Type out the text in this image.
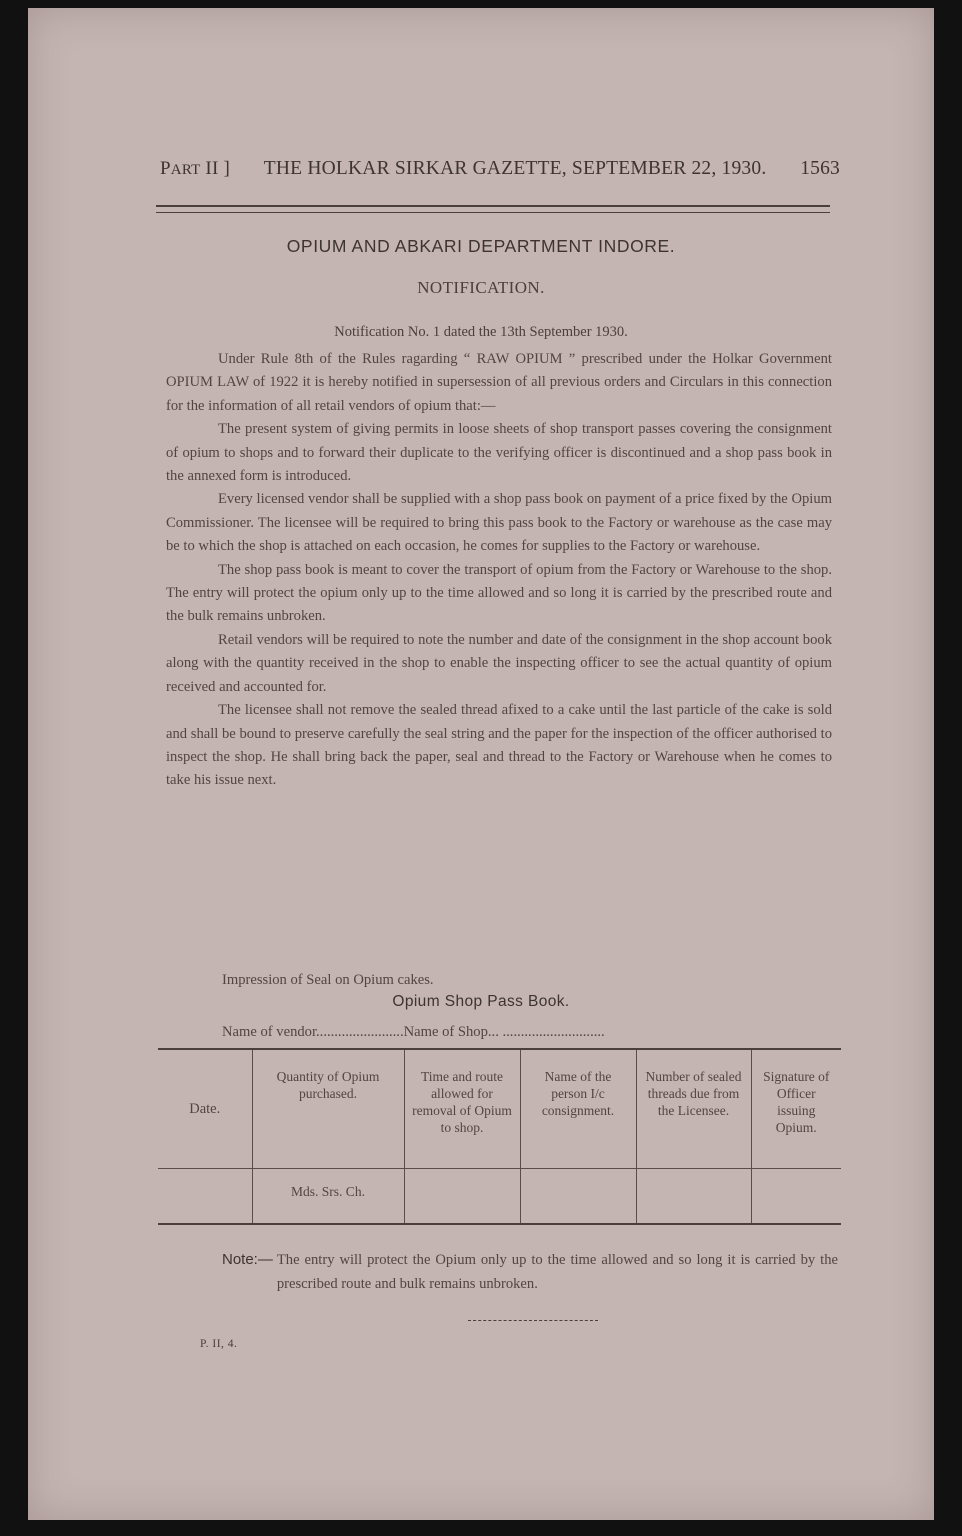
PART II ] THE HOLKAR SIRKAR GAZETTE, SEPTEMBER 22, 1930. 1563
OPIUM AND ABKARI DEPARTMENT INDORE.
NOTIFICATION.
Notification No. 1 dated the 13th September 1930.

Under Rule 8th of the Rules ragarding “ RAW OPIUM ” prescribed under the Holkar Government OPIUM LAW of 1922 it is hereby notified in supersession of all previous orders and Circulars in this connection for the information of all retail vendors of opium that:—

The present system of giving permits in loose sheets of shop transport passes covering the consignment of opium to shops and to forward their duplicate to the verifying officer is discontinued and a shop pass book in the annexed form is introduced.

Every licensed vendor shall be supplied with a shop pass book on payment of a price fixed by the Opium Commissioner. The licensee will be required to bring this pass book to the Factory or warehouse as the case may be to which the shop is attached on each occasion, he comes for supplies to the Factory or warehouse.

The shop pass book is meant to cover the transport of opium from the Factory or Warehouse to the shop. The entry will protect the opium only up to the time allowed and so long it is carried by the prescribed route and the bulk remains unbroken.

Retail vendors will be required to note the number and date of the consignment in the shop account book along with the quantity received in the shop to enable the inspecting officer to see the actual quantity of opium received and accounted for.

The licensee shall not remove the sealed thread afixed to a cake until the last particle of the cake is sold and shall be bound to preserve carefully the seal string and the paper for the inspection of the officer authorised to inspect the shop. He shall bring back the paper, seal and thread to the Factory or Warehouse when he comes to take his issue next.

Impression of Seal on Opium cakes.
Opium Shop Pass Book.
Name of vendor........................Name of Shop... ............................
Date.	Quantity of Opium purchased.	Time and route allowed for removal of Opium to shop.	Name of the person I/c consignment.	Number of sealed threads due from the Licensee.	Signature of Officer issuing Opium.
	Mds. Srs. Ch.				
Note:— The entry will protect the Opium only up to the time allowed and so long it is carried by the prescribed route and bulk remains unbroken.
P. II, 4.
